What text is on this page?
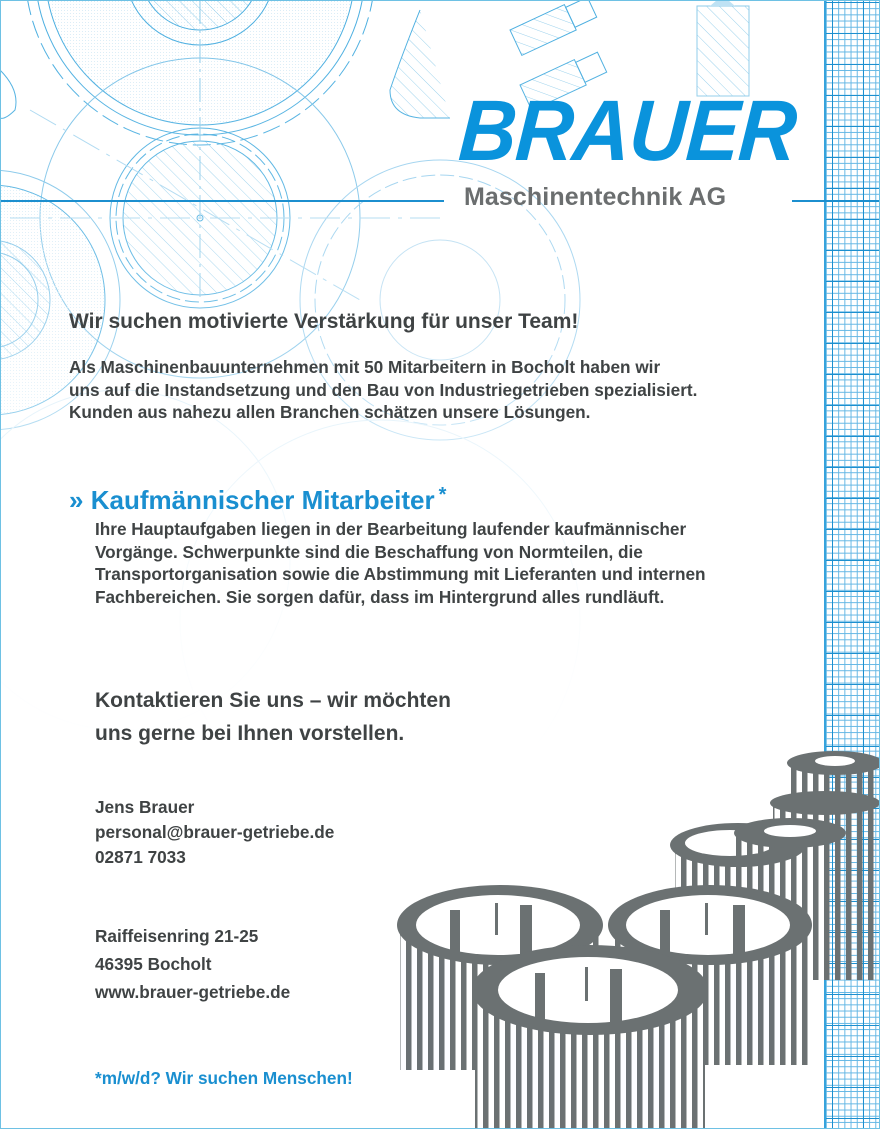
BRAUER
Maschinentechnik AG
Wir suchen motivierte Verstärkung für unser Team!
Als Maschinenbauunternehmen mit 50 Mitarbeitern in Bocholt haben wir
uns auf die Instandsetzung und den Bau von Industriegetrieben spezialisiert.
Kunden aus nahezu allen Branchen schätzen unsere Lösungen.
» Kaufmännischer Mitarbeiter *
Ihre Hauptaufgaben liegen in der Bearbeitung laufender kaufmännischer
Vorgänge. Schwerpunkte sind die Beschaffung von Normteilen, die
Transportorganisation sowie die Abstimmung mit Lieferanten und internen
Fachbereichen. Sie sorgen dafür, dass im Hintergrund alles rundläuft.
Kontaktieren Sie uns – wir möchten
uns gerne bei Ihnen vorstellen.
Jens Brauer
personal@brauer-getriebe.de
02871 7033
Raiffeisenring 21-25
46395 Bocholt
www.brauer-getriebe.de
*m/w/d? Wir suchen Menschen!
